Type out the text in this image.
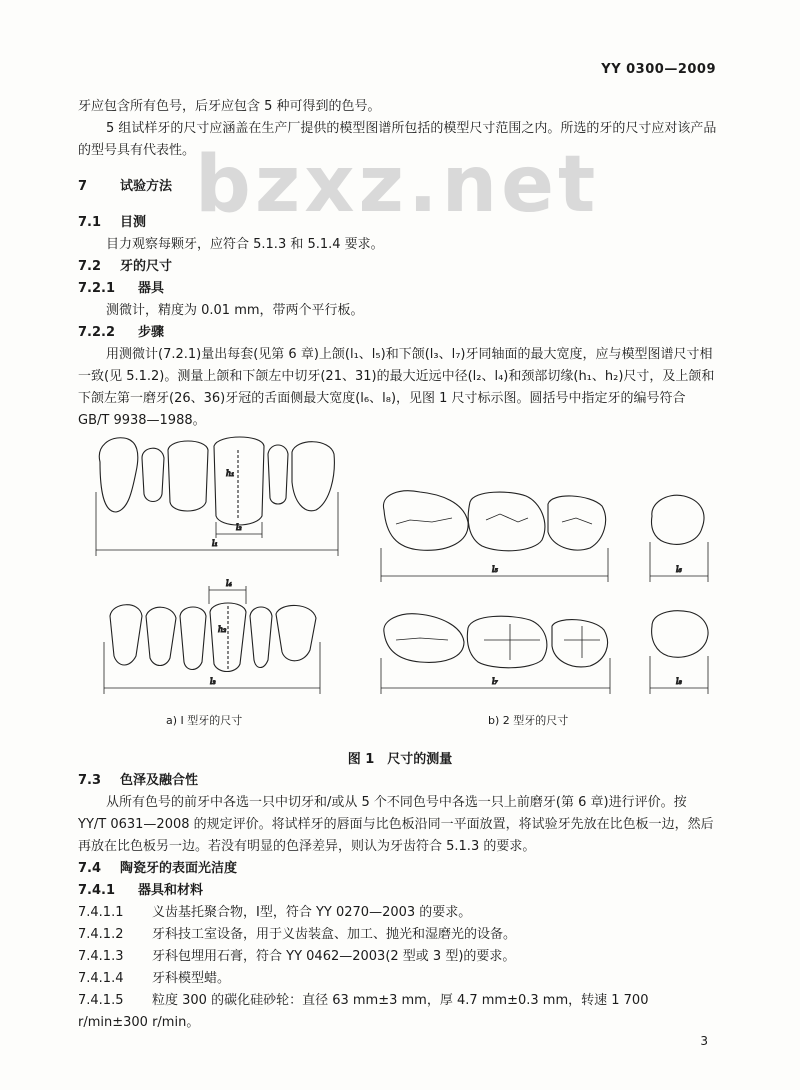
YY 0300—2009
bzxz.net

牙应包含所有色号，后牙应包含 5 种可得到的色号。

5 组试样牙的尺寸应涵盖在生产厂提供的模型图谱所包括的模型尺寸范围之内。所选的牙的尺寸应对该产品的型号具有代表性。

7	试验方法

7.1 目测

目力观察每颗牙，应符合 5.1.3 和 5.1.4 要求。

7.2 牙的尺寸

7.2.1 器具

测微计，精度为 0.01 mm，带两个平行板。

7.2.2 步骤

用测微计(7.2.1)量出每套(见第 6 章)上颌(l₁、l₅)和下颌(l₃、l₇)牙同轴面的最大宽度，应与模型图谱尺寸相一致(见 5.1.2)。测量上颌和下颌左中切牙(21、31)的最大近远中径(l₂、l₄)和颈部切缘(h₁、h₂)尺寸，及上颌和下颌左第一磨牙(26、36)牙冠的舌面侧最大宽度(l₆、l₈)，见图 1 尺寸标示图。圆括号中指定牙的编号符合 GB/T 9938—1988。

l₂
h₁
l₁
l₄
h₂
l₃
l₅	l₆
l₇	l₈
a) Ⅰ 型牙的尺寸	b) 2 型牙的尺寸
图 1　尺寸的测量

7.3 色泽及融合性

从所有色号的前牙中各选一只中切牙和/或从 5 个不同色号中各选一只上前磨牙(第 6 章)进行评价。按 YY/T 0631—2008 的规定评价。将试样牙的唇面与比色板沿同一平面放置，将试验牙先放在比色板一边，然后再放在比色板另一边。若没有明显的色泽差异，则认为牙齿符合 5.1.3 的要求。

7.4 陶瓷牙的表面光洁度

7.4.1 器具和材料

7.4.1.1 义齿基托聚合物，Ⅰ型，符合 YY 0270—2003 的要求。

7.4.1.2 牙科技工室设备，用于义齿装盒、加工、抛光和湿磨光的设备。

7.4.1.3 牙科包埋用石膏，符合 YY 0462—2003(2 型或 3 型)的要求。

7.4.1.4 牙科模型蜡。

7.4.1.5 粒度 300 的碳化硅砂轮：直径 63 mm±3 mm，厚 4.7 mm±0.3 mm，转速 1 700 r/min±300 r/min。

3
